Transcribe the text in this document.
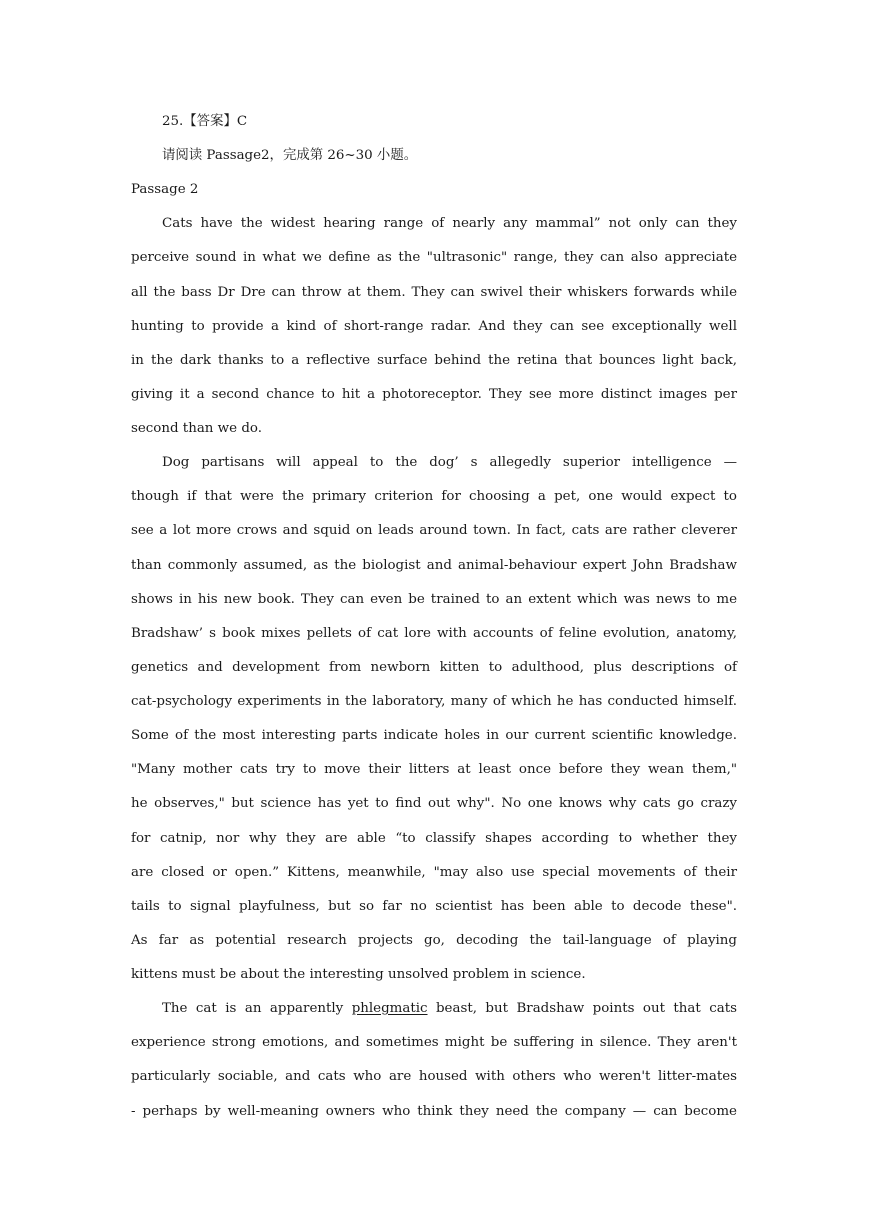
25.【答案】C
请阅读 Passage2，完成第 26~30 小题。
Passage 2
Cats have the widest hearing range of nearly any mammal” not only can they
perceive sound in what we define as the "ultrasonic" range, they can also appreciate
all the bass Dr Dre can throw at them. They can swivel their whiskers forwards while
hunting to provide a kind of short-range radar. And they can see exceptionally well
in the dark thanks to a reflective surface behind the retina that bounces light back,
giving it a second chance to hit a photoreceptor. They see more distinct images per
second than we do.
Dog partisans will appeal to the dog’ s allegedly superior intelligence —
though if that were the primary criterion for choosing a pet, one would expect to
see a lot more crows and squid on leads around town. In fact, cats are rather cleverer
than commonly assumed, as the biologist and animal-behaviour expert John Bradshaw
shows in his new book. They can even be trained to an extent which was news to me
Bradshaw’ s book mixes pellets of cat lore with accounts of feline evolution, anatomy,
genetics and development from newborn kitten to adulthood, plus descriptions of
cat-psychology experiments in the laboratory, many of which he has conducted himself.
Some of the most interesting parts indicate holes in our current scientific knowledge.
"Many mother cats try to move their litters at least once before they wean them,"
he observes," but science has yet to find out why". No one knows why cats go crazy
for catnip, nor why they are able “to classify shapes according to whether they
are closed or open.” Kittens, meanwhile, "may also use special movements of their
tails to signal playfulness, but so far no scientist has been able to decode these".
As far as potential research projects go, decoding the tail-language of playing
kittens must be about the interesting unsolved problem in science.
The cat is an apparently phlegmatic beast, but Bradshaw points out that cats
experience strong emotions, and sometimes might be suffering in silence. They aren't
particularly sociable, and cats who are housed with others who weren't litter-mates
- perhaps by well-meaning owners who think they need the company — can become
